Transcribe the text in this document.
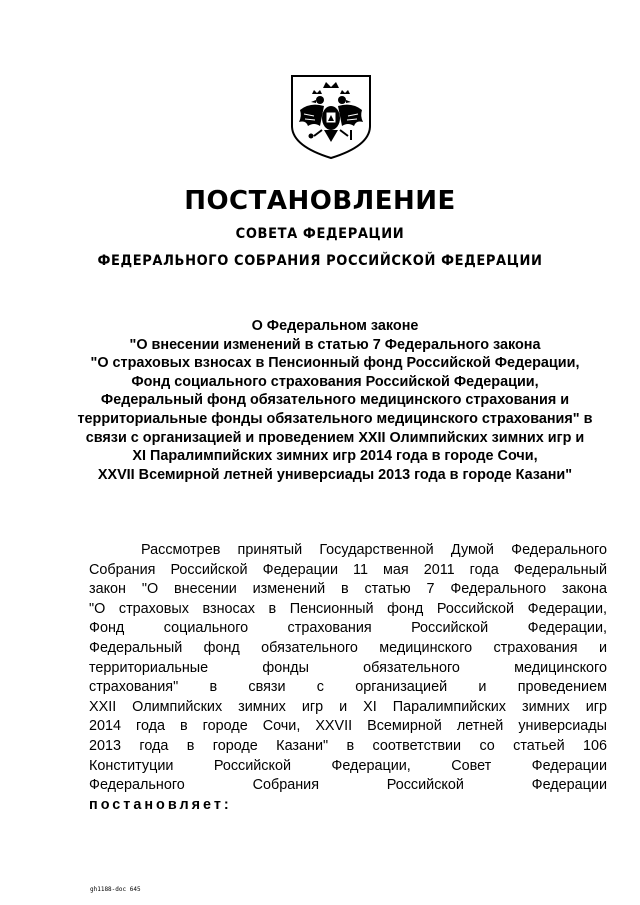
ПОСТАНОВЛЕНИЕ
СОВЕТА ФЕДЕРАЦИИ
ФЕДЕРАЛЬНОГО СОБРАНИЯ РОССИЙСКОЙ ФЕДЕРАЦИИ
О Федеральном законе
"О внесении изменений в статью 7 Федерального закона
"О страховых взносах в Пенсионный фонд Российской Федерации,
Фонд социального страхования Российской Федерации,
Федеральный фонд обязательного медицинского страхования и
территориальные фонды обязательного медицинского страхования" в
связи с организацией и проведением XXII Олимпийских зимних игр и
XI Паралимпийских зимних игр 2014 года в городе Сочи,
XXVII Всемирной летней универсиады 2013 года в городе Казани"
Рассмотрев принятый Государственной Думой Федерального
Собрания Российской Федерации 11 мая 2011 года Федеральный
закон "О внесении изменений в статью 7 Федерального закона
"О страховых взносах в Пенсионный фонд Российской Федерации,
Фонд социального страхования Российской Федерации,
Федеральный фонд обязательного медицинского страхования и
территориальные фонды обязательного медицинского
страхования" в связи с организацией и проведением
XXII Олимпийских зимних игр и XI Паралимпийских зимних игр
2014 года в городе Сочи, XXVII Всемирной летней универсиады
2013 года в городе Казани" в соответствии со статьей 106
Конституции Российской Федерации, Совет Федерации
Федерального Собрания Российской Федерации
постановляет:
gh1188-doc 645
